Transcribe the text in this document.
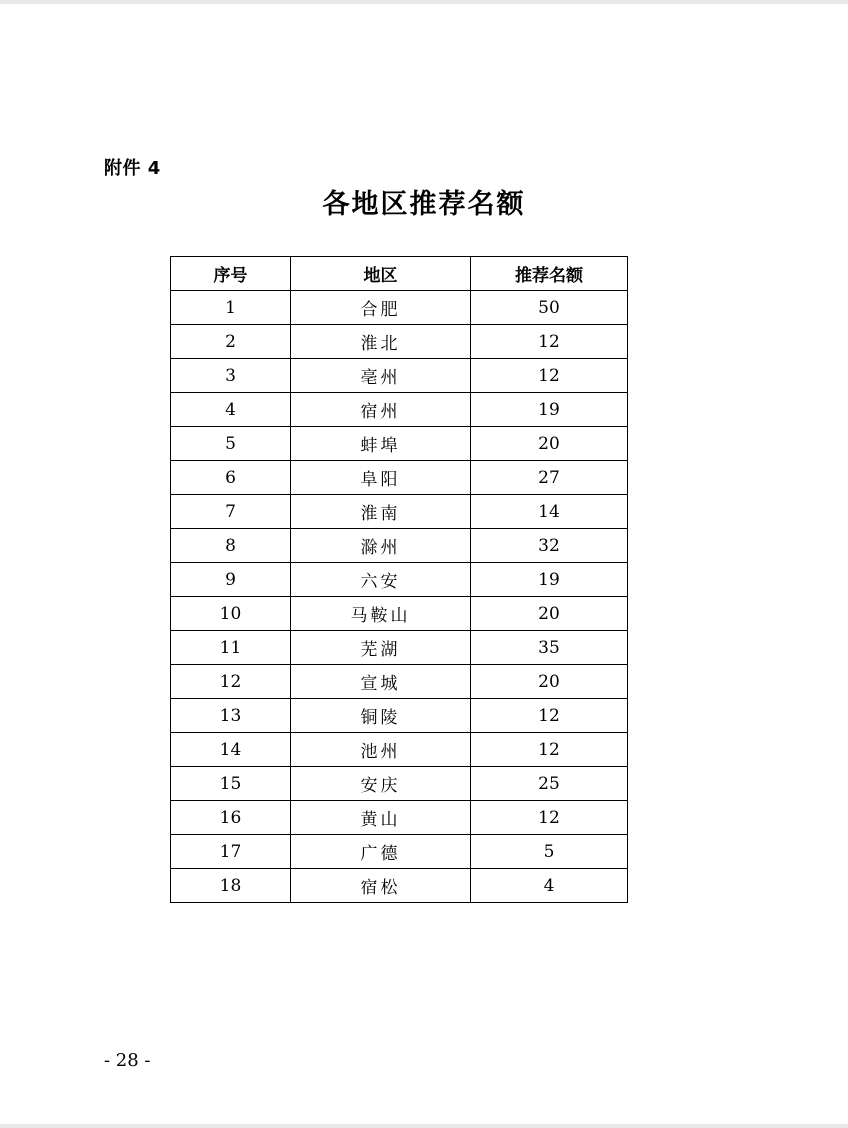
附件 4
各地区推荐名额
序号	地区	推荐名额
1	合肥	50
2	淮北	12
3	亳州	12
4	宿州	19
5	蚌埠	20
6	阜阳	27
7	淮南	14
8	滁州	32
9	六安	19
10	马鞍山	20
11	芜湖	35
12	宣城	20
13	铜陵	12
14	池州	12
15	安庆	25
16	黄山	12
17	广德	5
18	宿松	4
- 28 -
